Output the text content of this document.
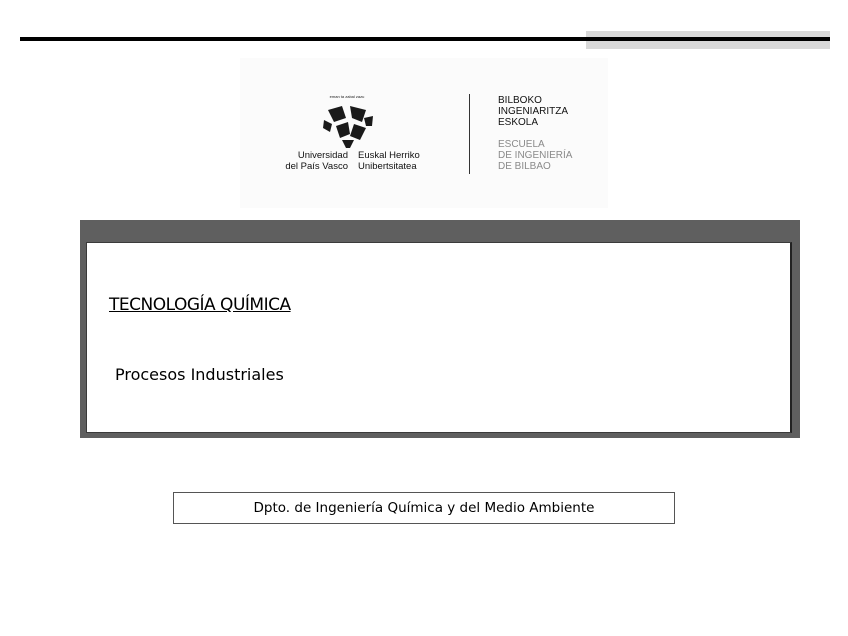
eman ta zabal zazu
Universidad
del País Vasco
Euskal Herriko
Unibertsitatea
BILBOKO
INGENIARITZA
ESKOLA
ESCUELA
DE INGENIERÍA
DE BILBAO
TECNOLOGÍA QUÍMICA
Procesos Industriales
Dpto. de Ingeniería Química y del Medio Ambiente
